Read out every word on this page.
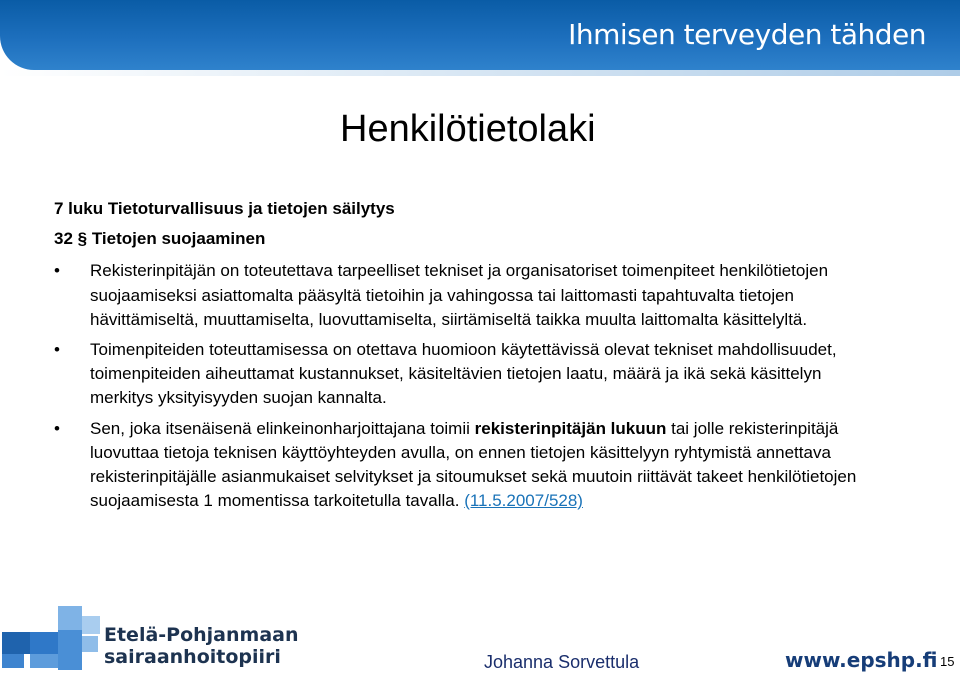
Ihmisen terveyden tähden
Henkilötietolaki

7 luku Tietoturvallisuus ja tietojen säilytys

32 § Tietojen suojaaminen

• Rekisterinpitäjän on toteutettava tarpeelliset tekniset ja organisatoriset toimenpiteet henkilötietojen suojaamiseksi asiattomalta pääsyltä tietoihin ja vahingossa tai laittomasti tapahtuvalta tietojen hävittämiseltä, muuttamiselta, luovuttamiselta, siirtämiseltä taikka muulta laittomalta käsittelyltä.
• Toimenpiteiden toteuttamisessa on otettava huomioon käytettävissä olevat tekniset mahdollisuudet, toimenpiteiden aiheuttamat kustannukset, käsiteltävien tietojen laatu, määrä ja ikä sekä käsittelyn merkitys yksityisyyden suojan kannalta.
• Sen, joka itsenäisenä elinkeinonharjoittajana toimii rekisterinpitäjän lukuun tai jolle rekisterinpitäjä luovuttaa tietoja teknisen käyttöyhteyden avulla, on ennen tietojen käsittelyyn ryhtymistä annettava rekisterinpitäjälle asianmukaiset selvitykset ja sitoumukset sekä muutoin riittävät takeet henkilötietojen suojaamisesta 1 momentissa tarkoitetulla tavalla. (11.5.2007/528)
Etelä-Pohjanmaan
sairaanhoitopiiri	Johanna Sorvettula	www.epshp.fi 15
